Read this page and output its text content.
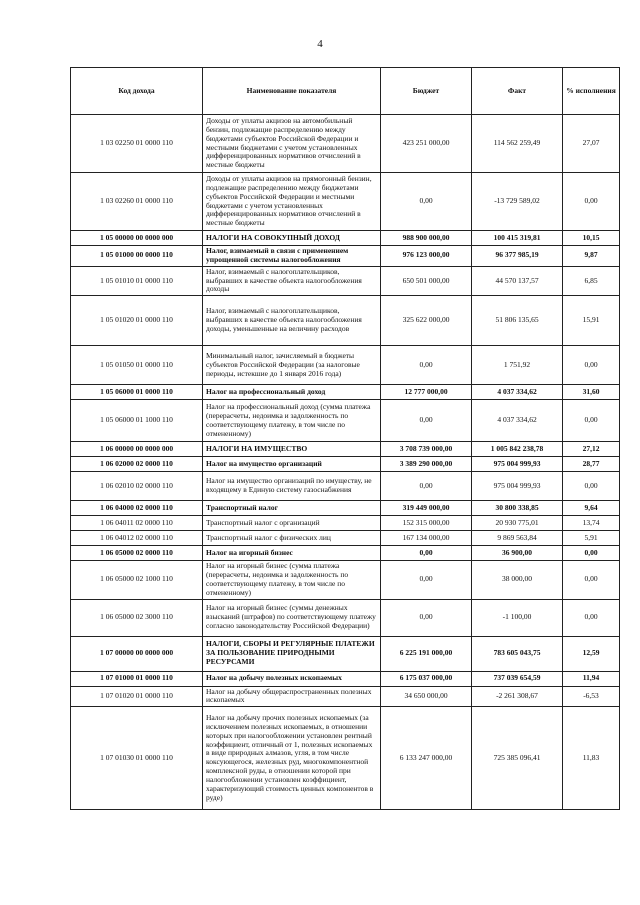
4
Код дохода	Наименование показателя	Бюджет	Факт	% исполнения
1 03 02250 01 0000 110	Доходы от уплаты акцизов на автомобильный бензин, подлежащие распределению между бюджетами субъектов Российской Федерации и местными бюджетами с учетом установленных дифференцированных нормативов отчислений в местные бюджеты	423 251 000,00	114 562 259,49	27,07
1 03 02260 01 0000 110	Доходы от уплаты акцизов на прямогонный бензин, подлежащие распределению между бюджетами субъектов Российской Федерации и местными бюджетами с учетом установленных дифференцированных нормативов отчислений в местные бюджеты	0,00	-13 729 589,02	0,00
1 05 00000 00 0000 000	НАЛОГИ НА СОВОКУПНЫЙ ДОХОД	988 900 000,00	100 415 319,81	10,15
1 05 01000 00 0000 110	Налог, взимаемый в связи с применением упрощенной системы налогообложения	976 123 000,00	96 377 985,19	9,87
1 05 01010 01 0000 110	Налог, взимаемый с налогоплательщиков, выбравших в качестве объекта налогообложения доходы	650 501 000,00	44 570 137,57	6,85
1 05 01020 01 0000 110	Налог, взимаемый с налогоплательщиков, выбравших в качестве объекта налогообложения доходы, уменьшенные на величину расходов	325 622 000,00	51 806 135,65	15,91
1 05 01050 01 0000 110	Минимальный налог, зачисляемый в бюджеты субъектов Российской Федерации (за налоговые периоды, истекшие до 1 января 2016 года)	0,00	1 751,92	0,00
1 05 06000 01 0000 110	Налог на профессиональный доход	12 777 000,00	4 037 334,62	31,60
1 05 06000 01 1000 110	Налог на профессиональный доход (сумма платежа (перерасчеты, недоимка и задолженность по соответствующему платежу, в том числе по отмененному)	0,00	4 037 334,62	0,00
1 06 00000 00 0000 000	НАЛОГИ НА ИМУЩЕСТВО	3 708 739 000,00	1 005 842 238,78	27,12
1 06 02000 02 0000 110	Налог на имущество организаций	3 389 290 000,00	975 004 999,93	28,77
1 06 02010 02 0000 110	Налог на имущество организаций по имуществу, не входящему в Единую систему газоснабжения	0,00	975 004 999,93	0,00
1 06 04000 02 0000 110	Транспортный налог	319 449 000,00	30 800 338,85	9,64
1 06 04011 02 0000 110	Транспортный налог с организаций	152 315 000,00	20 930 775,01	13,74
1 06 04012 02 0000 110	Транспортный налог с физических лиц	167 134 000,00	9 869 563,84	5,91
1 06 05000 02 0000 110	Налог на игорный бизнес	0,00	36 900,00	0,00
1 06 05000 02 1000 110	Налог на игорный бизнес (сумма платежа (перерасчеты, недоимка и задолженность по соответствующему платежу, в том числе по отмененному)	0,00	38 000,00	0,00
1 06 05000 02 3000 110	Налог на игорный бизнес (суммы денежных взысканий (штрафов) по соответствующему платежу согласно законодательству Российской Федерации)	0,00	-1 100,00	0,00
1 07 00000 00 0000 000	НАЛОГИ, СБОРЫ И РЕГУЛЯРНЫЕ ПЛАТЕЖИ ЗА ПОЛЬЗОВАНИЕ ПРИРОДНЫМИ РЕСУРСАМИ	6 225 191 000,00	783 605 043,75	12,59
1 07 01000 01 0000 110	Налог на добычу полезных ископаемых	6 175 037 000,00	737 039 654,59	11,94
1 07 01020 01 0000 110	Налог на добычу общераспространенных полезных ископаемых	34 650 000,00	-2 261 308,67	-6,53
1 07 01030 01 0000 110	Налог на добычу прочих полезных ископаемых (за исключением полезных ископаемых, в отношении которых при налогообложении установлен рентный коэффициент, отличный от 1, полезных ископаемых в виде природных алмазов, угля, в том числе коксующегося, железных руд, многокомпонентной комплексной руды, в отношении которой при налогообложении установлен коэффициент, характеризующий стоимость ценных компонентов в руде)	6 133 247 000,00	725 385 096,41	11,83
